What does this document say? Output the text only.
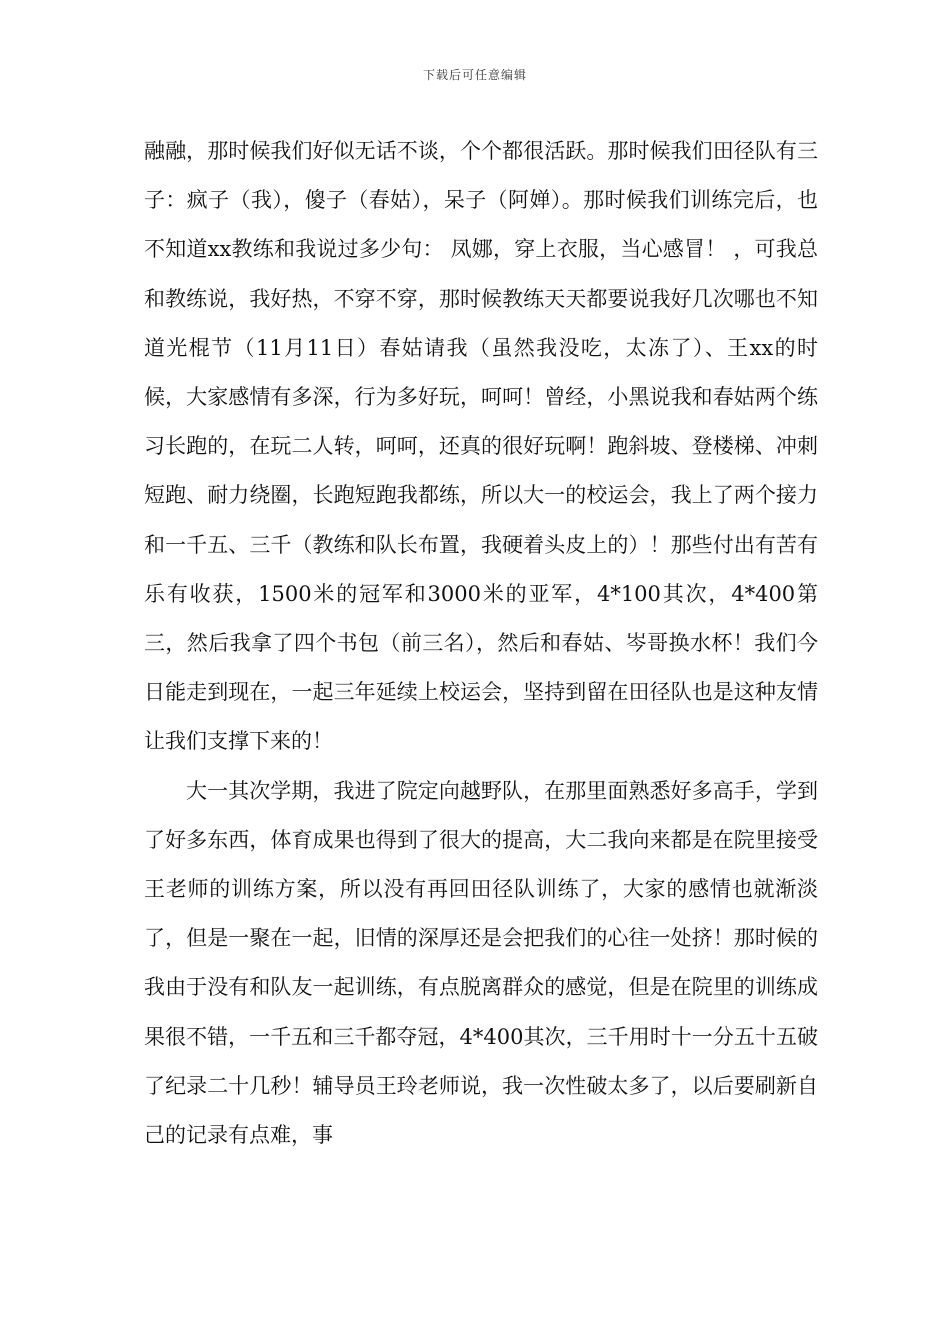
下载后可任意编辑

融融，那时候我们好似无话不谈，个个都很活跃。那时候我们田径队有三子：疯子（我），傻子（春姑），呆子（阿婵）。那时候我们训练完后，也不知道xx教练和我说过多少句： 凤娜，穿上衣服，当心感冒！ ，可我总和教练说，我好热，不穿不穿，那时候教练天天都要说我好几次哪也不知道光棍节（11月11日）春姑请我（虽然我没吃，太冻了）、王xx的时候，大家感情有多深，行为多好玩，呵呵！曾经，小黑说我和春姑两个练习长跑的，在玩二人转，呵呵，还真的很好玩啊！跑斜坡、登楼梯、冲刺短跑、耐力绕圈，长跑短跑我都练，所以大一的校运会，我上了两个接力和一千五、三千（教练和队长布置，我硬着头皮上的）！那些付出有苦有乐有收获，1500米的冠军和3000米的亚军，4*100其次，4*400第三，然后我拿了四个书包（前三名），然后和春姑、岑哥换水杯！我们今日能走到现在，一起三年延续上校运会，坚持到留在田径队也是这种友情让我们支撑下来的！

大一其次学期，我进了院定向越野队，在那里面熟悉好多高手，学到了好多东西，体育成果也得到了很大的提高，大二我向来都是在院里接受王老师的训练方案，所以没有再回田径队训练了，大家的感情也就渐淡了，但是一聚在一起，旧情的深厚还是会把我们的心往一处挤！那时候的我由于没有和队友一起训练，有点脱离群众的感觉，但是在院里的训练成果很不错，一千五和三千都夺冠，4*400其次，三千用时十一分五十五破了纪录二十几秒！辅导员王玲老师说，我一次性破太多了，以后要刷新自己的记录有点难，事
